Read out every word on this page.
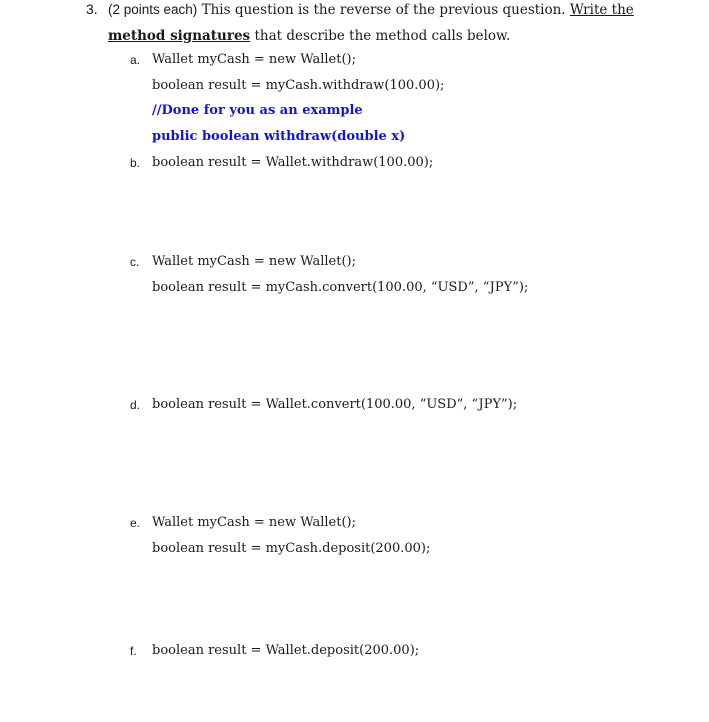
3. (2 points each) This question is the reverse of the previous question. Write the
method signatures that describe the method calls below.
a. Wallet myCash = new Wallet();
boolean result = myCash.withdraw(100.00);
//Done for you as an example
public boolean withdraw(double x)
b. boolean result = Wallet.withdraw(100.00);
c. Wallet myCash = new Wallet();
boolean result = myCash.convert(100.00, “USD”, “JPY”);
d. boolean result = Wallet.convert(100.00, “USD”, “JPY”);
e. Wallet myCash = new Wallet();
boolean result = myCash.deposit(200.00);
f. boolean result = Wallet.deposit(200.00);
